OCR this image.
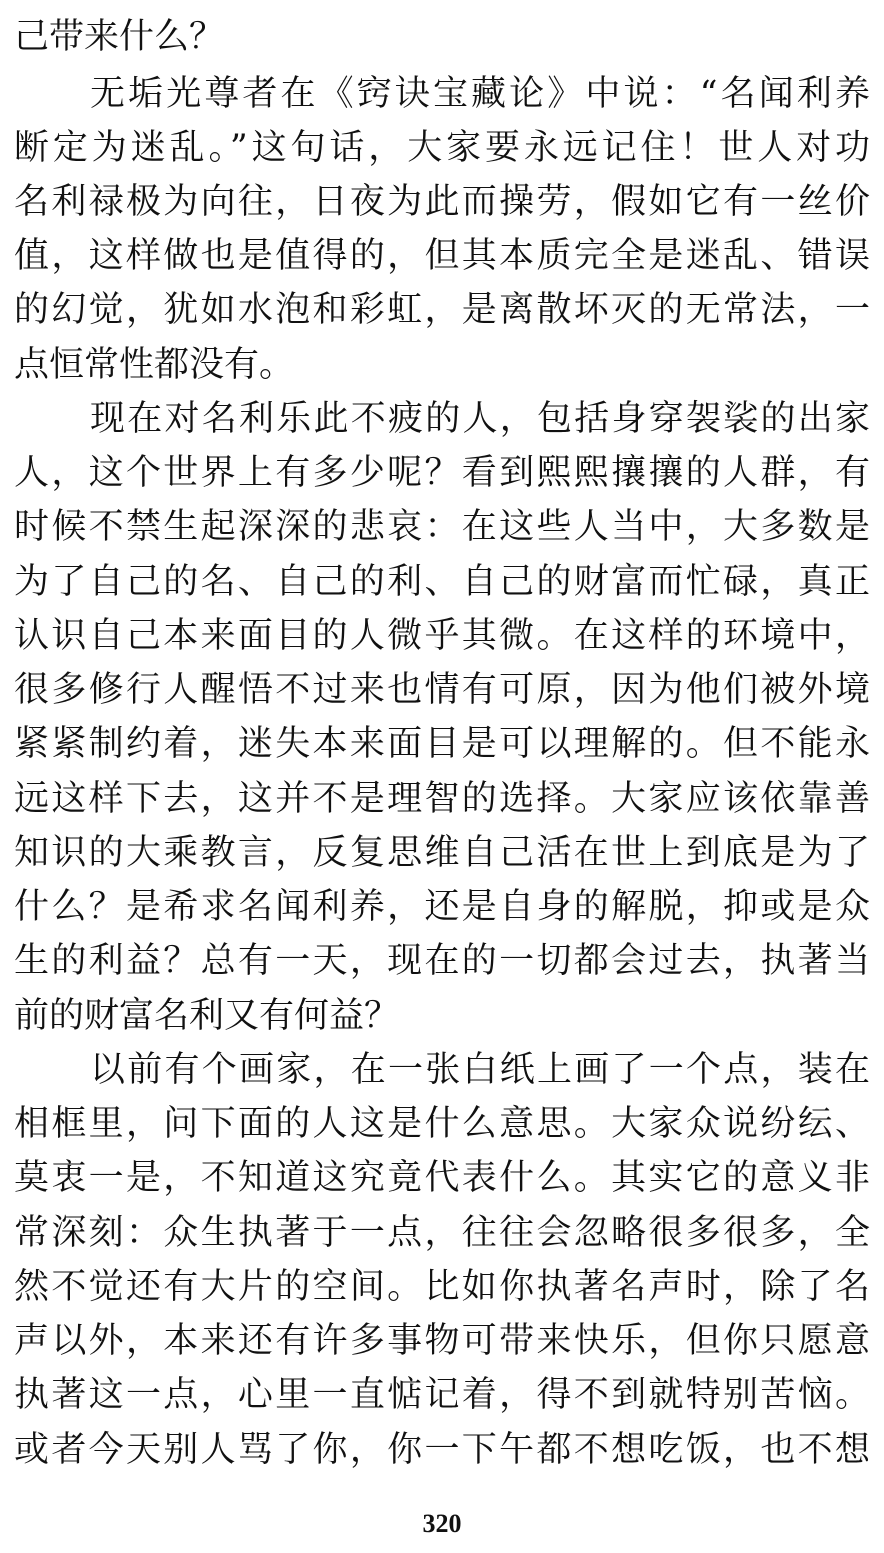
己带来什么？
无垢光尊者在《窍诀宝藏论》中说：“名闻利养
断定为迷乱。”这句话，大家要永远记住！世人对功
名利禄极为向往，日夜为此而操劳，假如它有一丝价
值，这样做也是值得的，但其本质完全是迷乱、错误
的幻觉，犹如水泡和彩虹，是离散坏灭的无常法，一
点恒常性都没有。
现在对名利乐此不疲的人，包括身穿袈裟的出家
人，这个世界上有多少呢？看到熙熙攘攘的人群，有
时候不禁生起深深的悲哀：在这些人当中，大多数是
为了自己的名、自己的利、自己的财富而忙碌，真正
认识自己本来面目的人微乎其微。在这样的环境中，
很多修行人醒悟不过来也情有可原，因为他们被外境
紧紧制约着，迷失本来面目是可以理解的。但不能永
远这样下去，这并不是理智的选择。大家应该依靠善
知识的大乘教言，反复思维自己活在世上到底是为了
什么？是希求名闻利养，还是自身的解脱，抑或是众
生的利益？总有一天，现在的一切都会过去，执著当
前的财富名利又有何益？
以前有个画家，在一张白纸上画了一个点，装在
相框里，问下面的人这是什么意思。大家众说纷纭、
莫衷一是，不知道这究竟代表什么。其实它的意义非
常深刻：众生执著于一点，往往会忽略很多很多，全
然不觉还有大片的空间。比如你执著名声时，除了名
声以外，本来还有许多事物可带来快乐，但你只愿意
执著这一点，心里一直惦记着，得不到就特别苦恼。
或者今天别人骂了你，你一下午都不想吃饭，也不想
320
